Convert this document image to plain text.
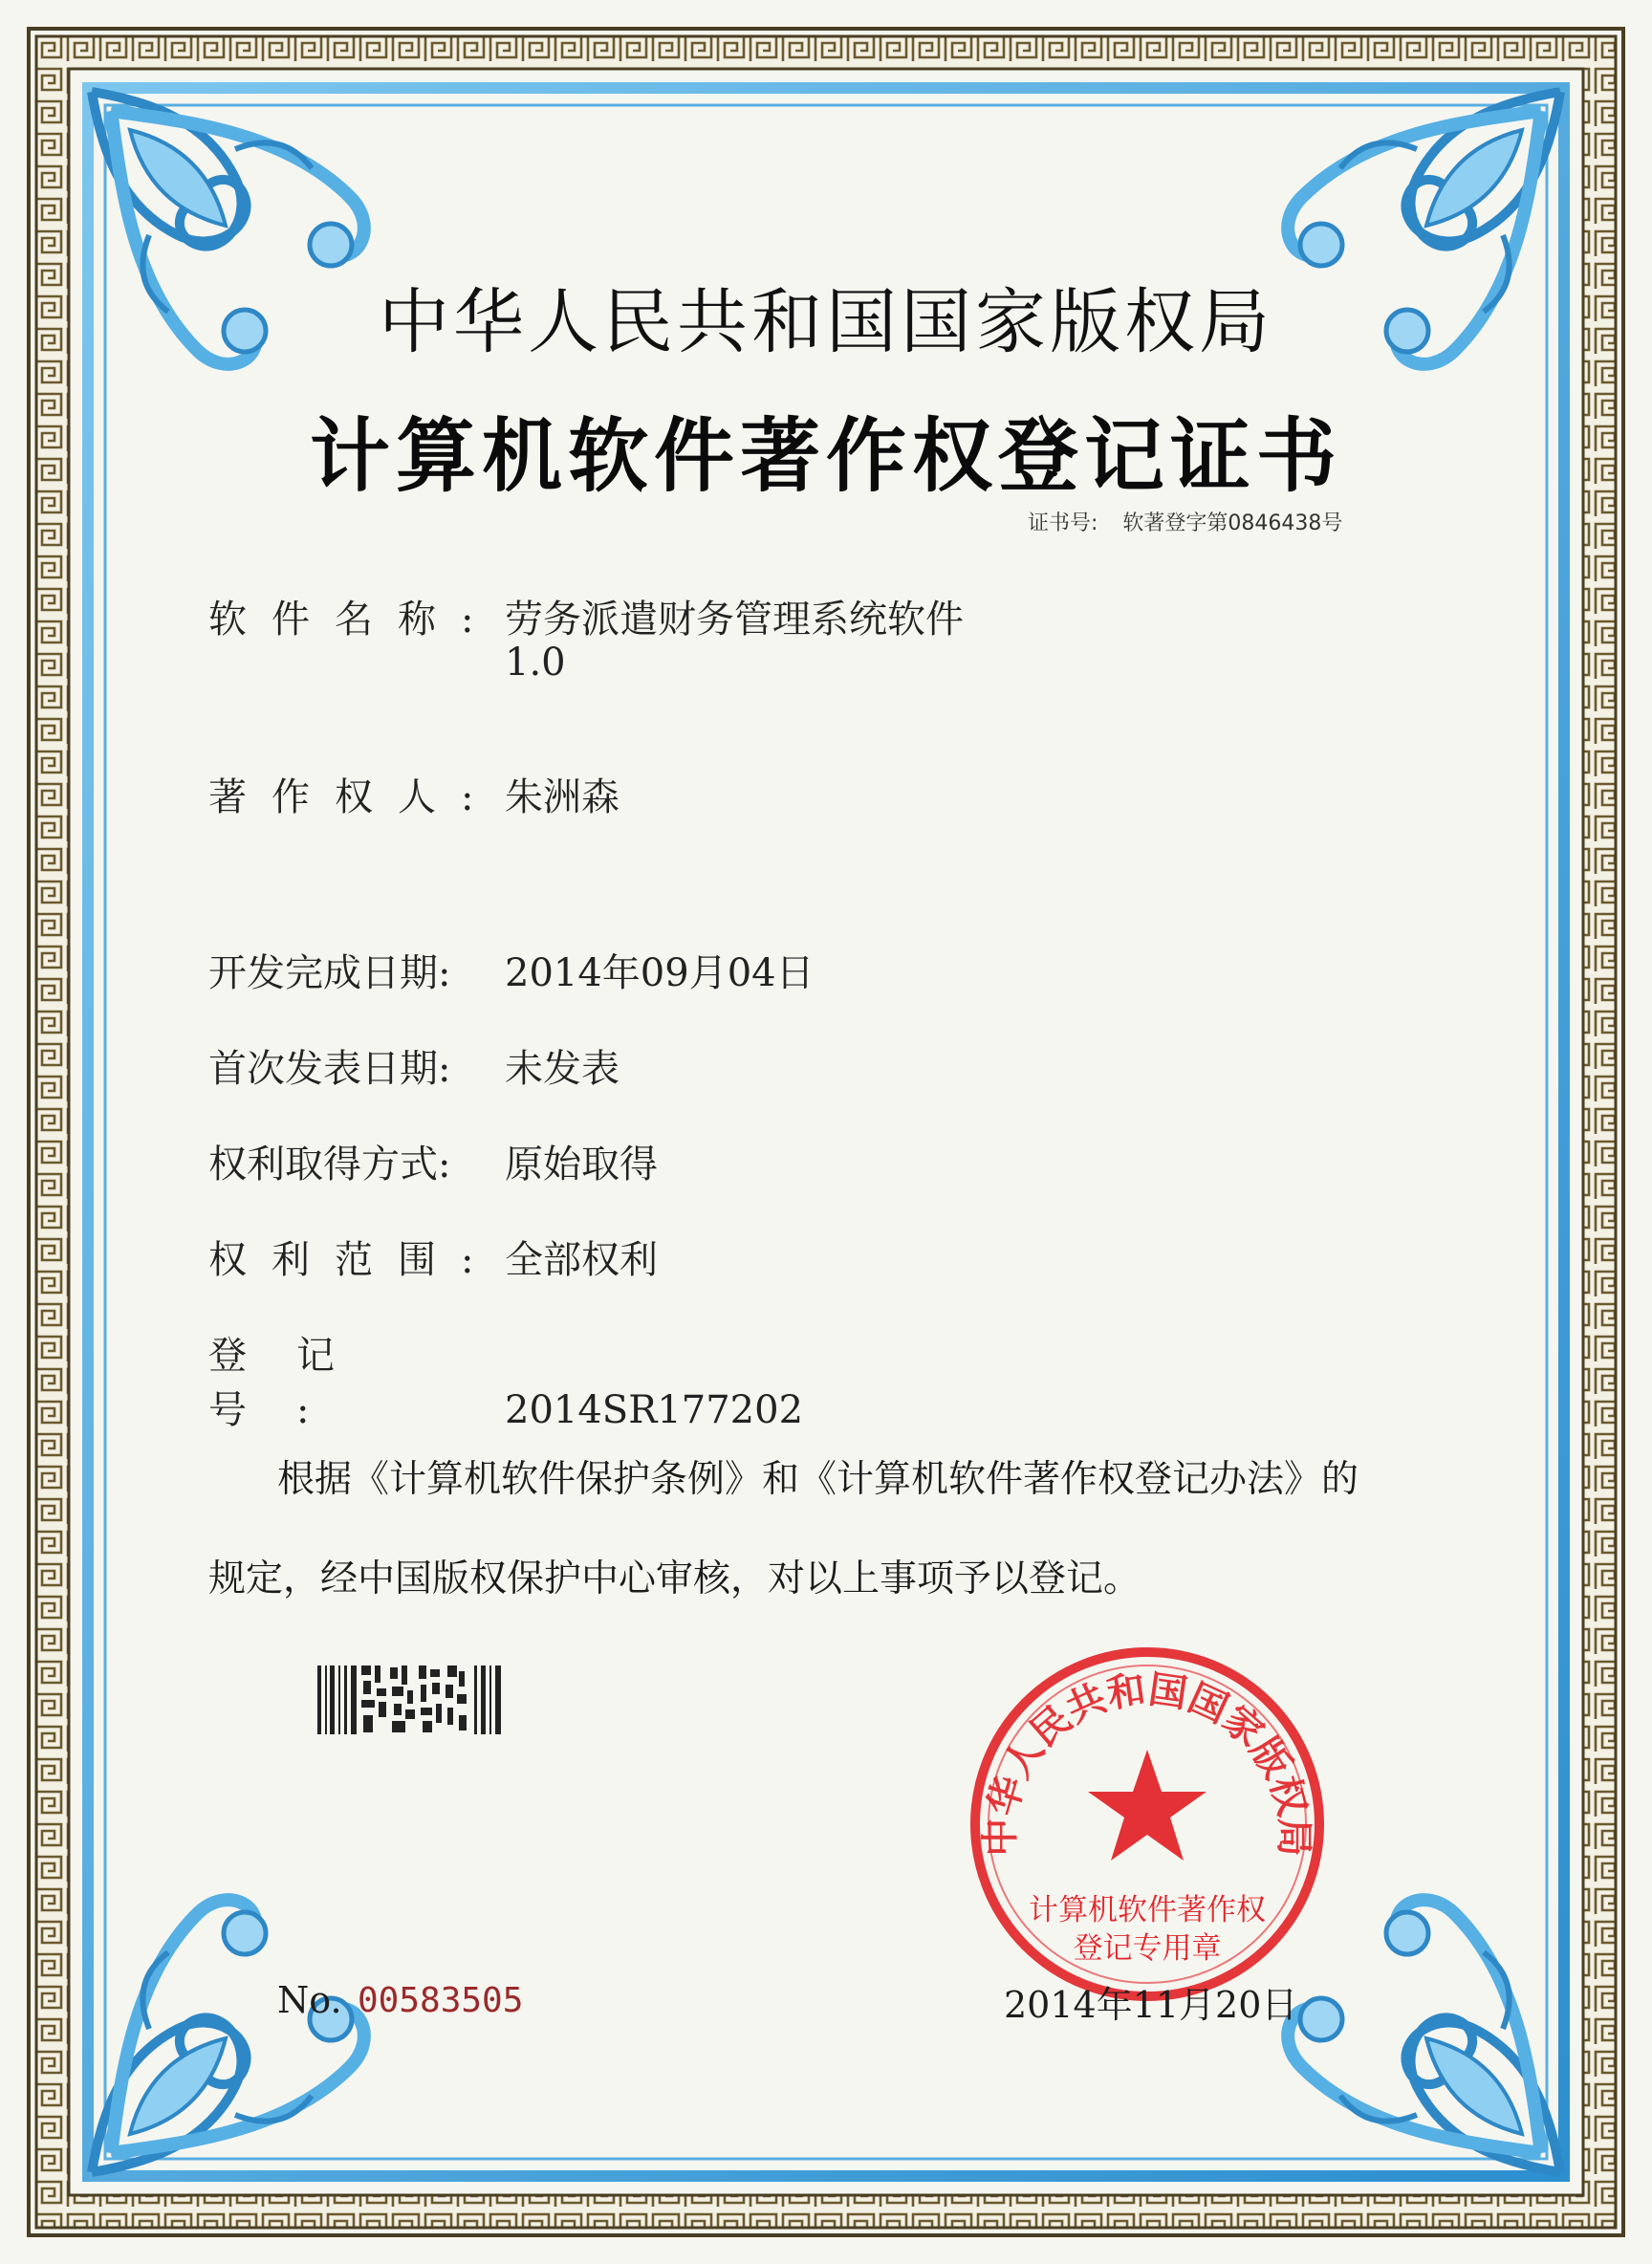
中华人民共和国国家版权局
计算机软件著作权登记证书
证书号: 软著登字第0846438号
软件名称: 劳务派遣财务管理系统软件
1.0
著作权人: 朱洲森
开发完成日期: 2014年09月04日
首次发表日期: 未发表
权利取得方式: 原始取得
权利范围: 全部权利
登记号:	2014SR177202
根据《计算机软件保护条例》和《计算机软件著作权登记办法》的
规定，经中国版权保护中心审核，对以上事项予以登记。
中华人民共和国国家版权局
计算机软件著作权
登记专用章
No. 00583505	2014年11月20日
